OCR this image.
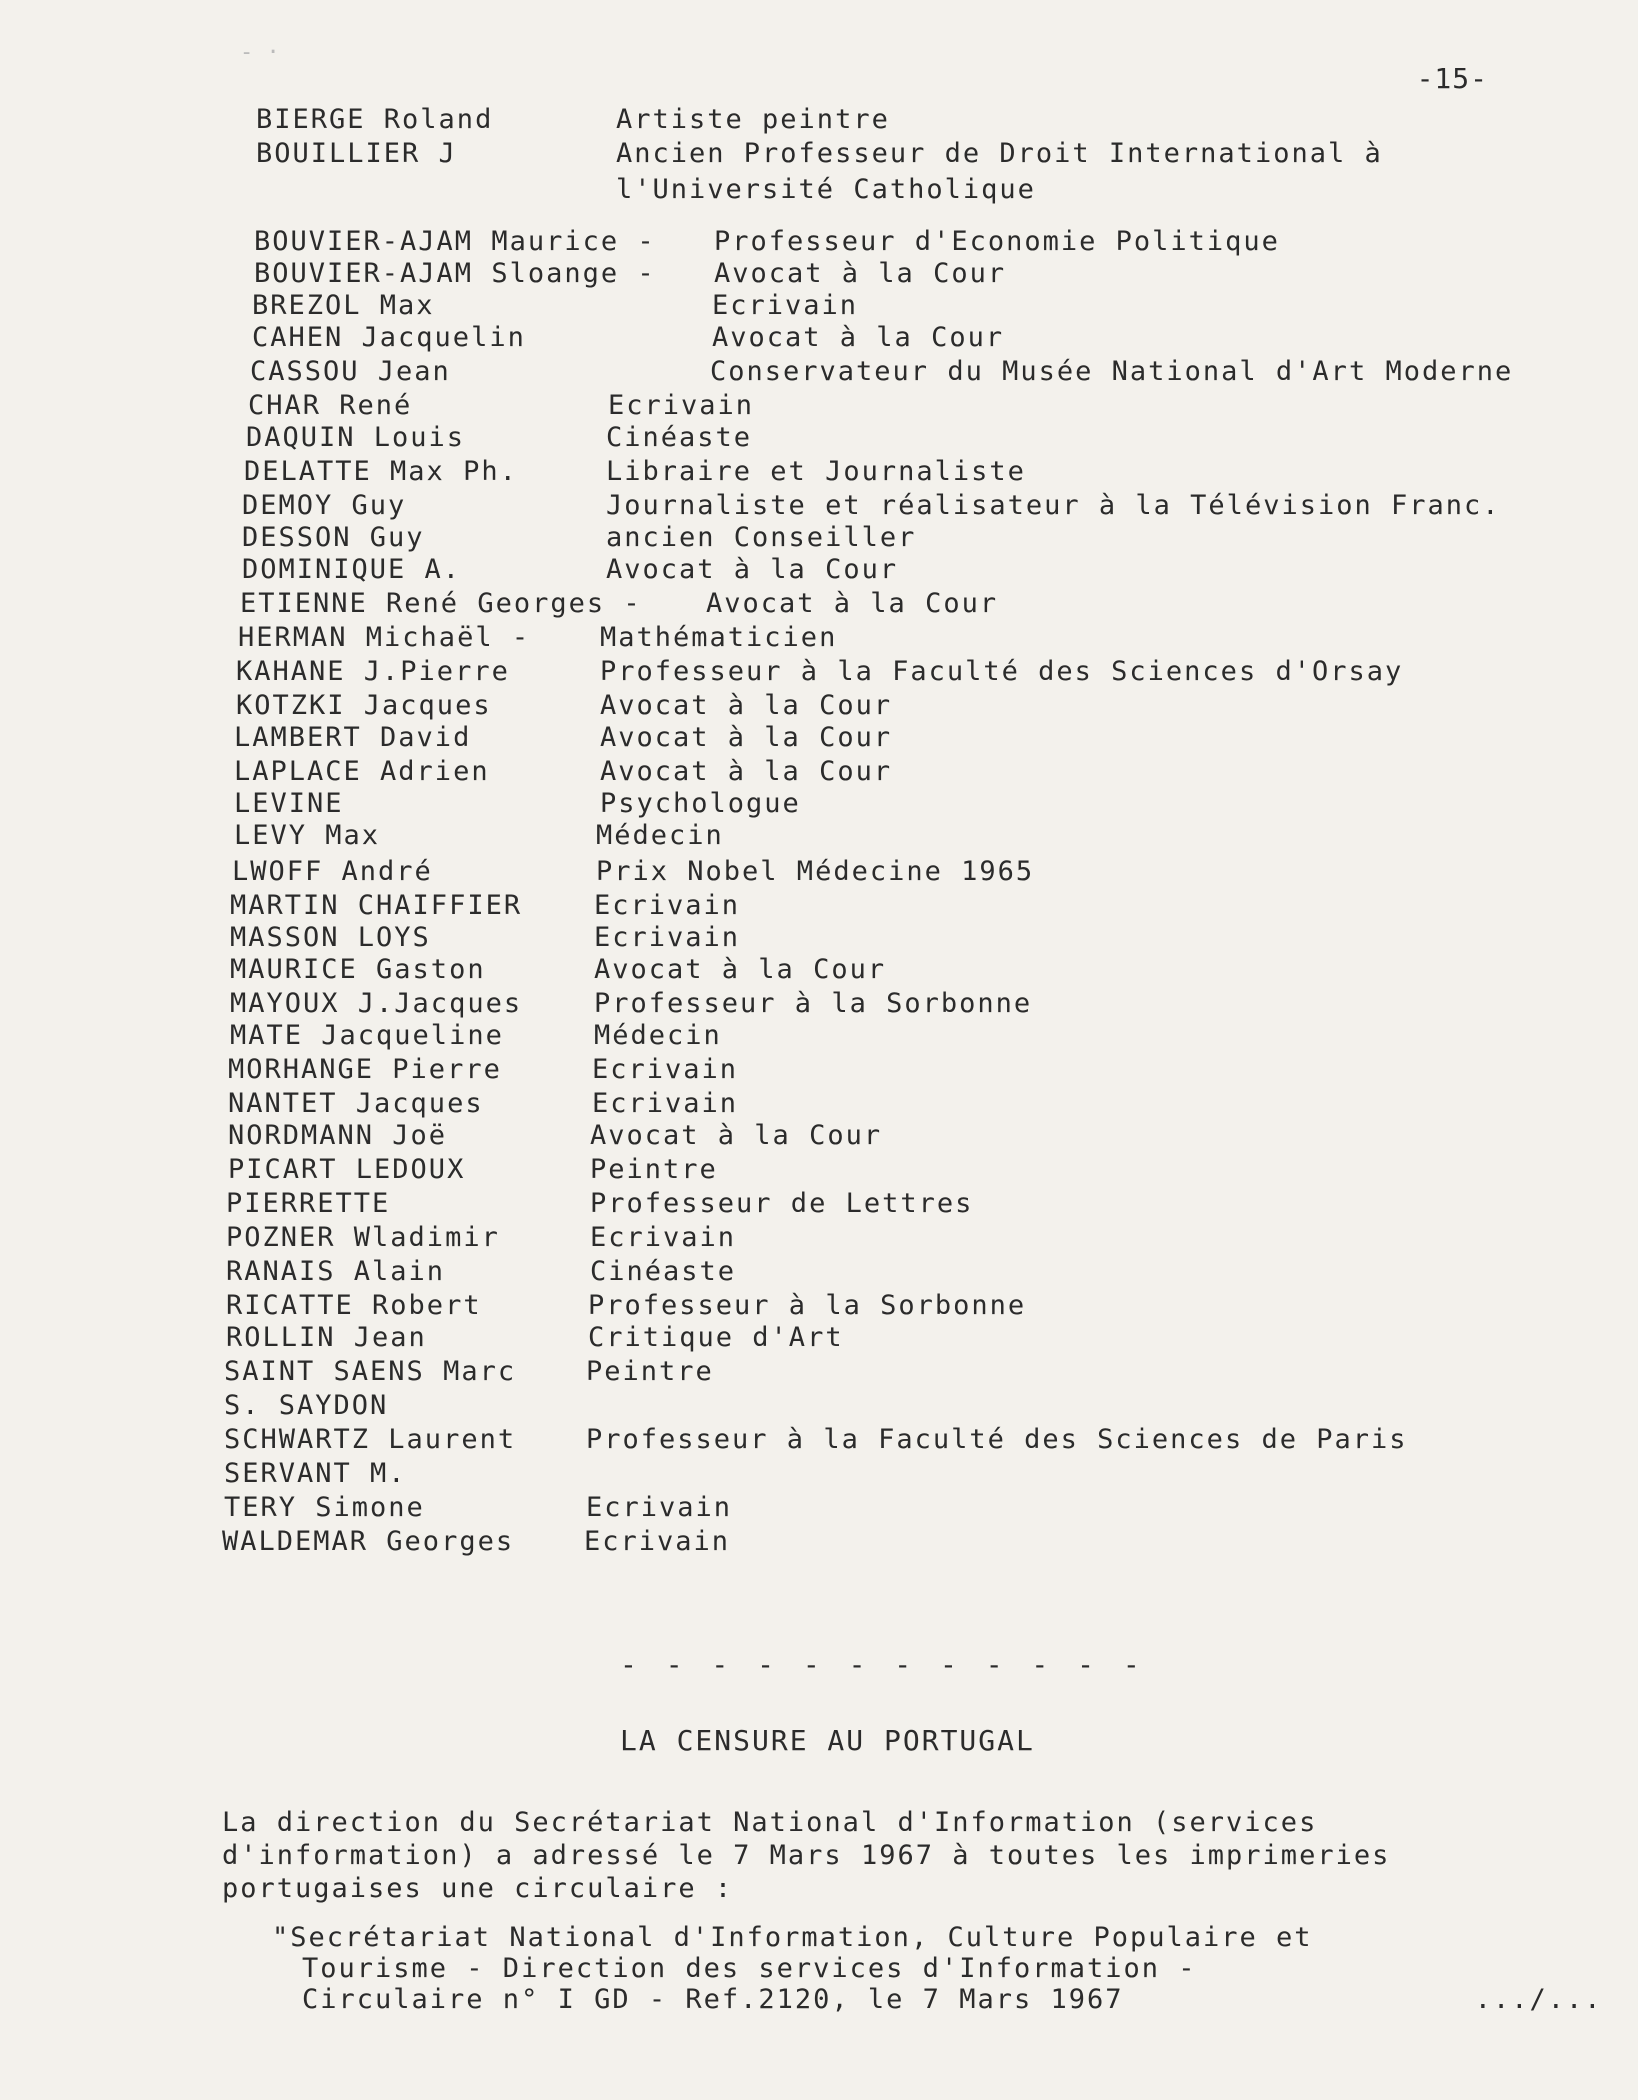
- ·
-15-
BIERGE Roland	Artiste peintre
BOUILLIER J	Ancien Professeur de Droit International à
l'Université Catholique
BOUVIER-AJAM Maurice - Professeur d'Economie Politique
BOUVIER-AJAM Sloange - Avocat à la Cour
BREZOL Max	Ecrivain
CAHEN Jacquelin	Avocat à la Cour
CASSOU Jean	Conservateur du Musée National d'Art Moderne
CHAR René	Ecrivain
DAQUIN Louis	Cinéaste
DELATTE Max Ph.	Libraire et Journaliste
DEMOY Guy	Journaliste et réalisateur à la Télévision Franc.
DESSON Guy	ancien Conseiller
DOMINIQUE A.	Avocat à la Cour
ETIENNE René Georges - Avocat à la Cour
HERMAN Michaël -	Mathématicien
KAHANE J.Pierre	Professeur à la Faculté des Sciences d'Orsay
KOTZKI Jacques	Avocat à la Cour
LAMBERT David	Avocat à la Cour
LAPLACE Adrien	Avocat à la Cour
LEVINE	Psychologue
LEVY Max	Médecin
LWOFF André	Prix Nobel Médecine 1965
MARTIN CHAIFFIER	Ecrivain
MASSON LOYS	Ecrivain
MAURICE Gaston	Avocat à la Cour
MAYOUX J.Jacques	Professeur à la Sorbonne
MATE Jacqueline	Médecin
MORHANGE Pierre	Ecrivain
NANTET Jacques	Ecrivain
NORDMANN Joë	Avocat à la Cour
PICART LEDOUX	Peintre
PIERRETTE	Professeur de Lettres
POZNER Wladimir	Ecrivain
RANAIS Alain	Cinéaste
RICATTE Robert	Professeur à la Sorbonne
ROLLIN Jean	Critique d'Art
SAINT SAENS Marc	Peintre
S. SAYDON
SCHWARTZ Laurent	Professeur à la Faculté des Sciences de Paris
SERVANT M.
TERY Simone	Ecrivain
WALDEMAR Georges	Ecrivain
- - - - - - - - - - - -
LA CENSURE AU PORTUGAL
La direction du Secrétariat National d'Information (services
d'information) a adressé le 7 Mars 1967 à toutes les imprimeries
portugaises une circulaire :
"Secrétariat National d'Information, Culture Populaire et
Tourisme - Direction des services d'Information -
Circulaire n° I GD - Ref.2120, le 7 Mars 1967	.../...
